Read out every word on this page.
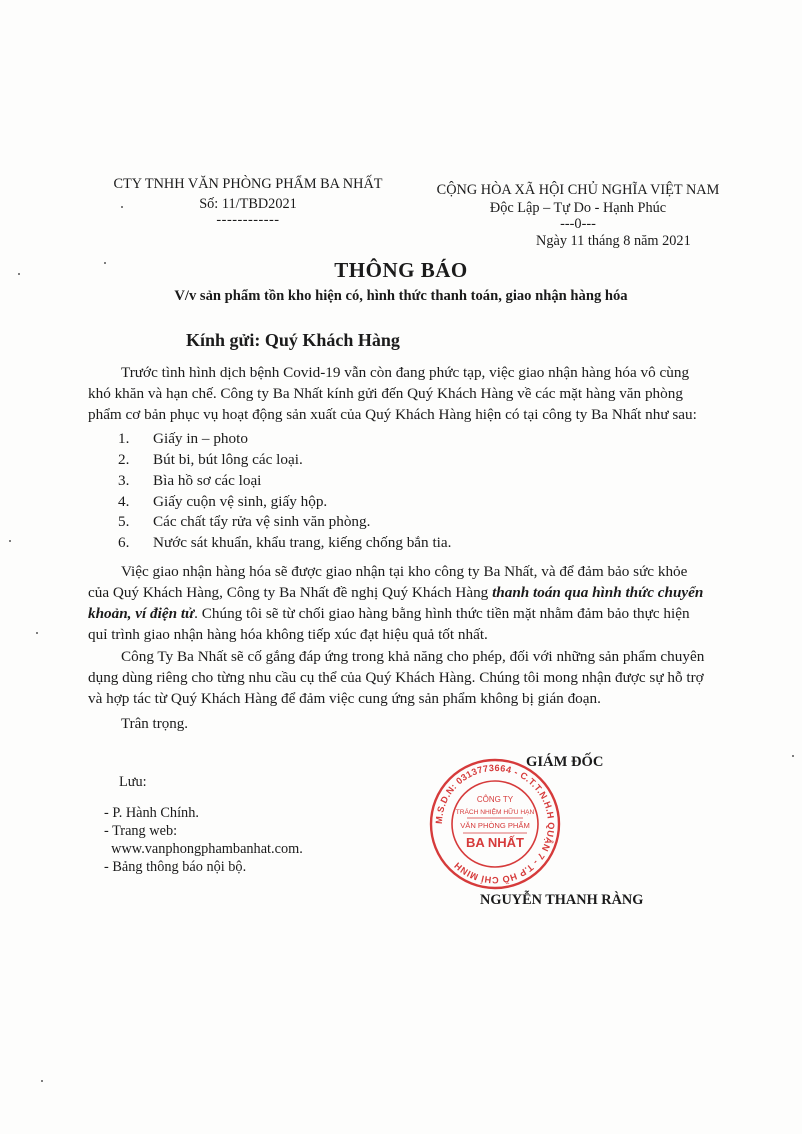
CTY TNHH VĂN PHÒNG PHẨM BA NHẤT
Số: 11/TBD2021
------------
CỘNG HÒA XÃ HỘI CHỦ NGHĨA VIỆT NAM
Độc Lập – Tự Do - Hạnh Phúc
---0---
Ngày 11 tháng 8 năm 2021
THÔNG BÁO
V/v sản phẩm tồn kho hiện có, hình thức thanh toán, giao nhận hàng hóa
Kính gửi: Quý Khách Hàng
Trước tình hình dịch bệnh Covid-19 vẫn còn đang phức tạp, việc giao nhận hàng hóa vô cùng
khó khăn và hạn chế. Công ty Ba Nhất kính gửi đến Quý Khách Hàng về các mặt hàng văn phòng
phẩm cơ bản phục vụ hoạt động sản xuất của Quý Khách Hàng hiện có tại công ty Ba Nhất như sau:
1. Giấy in – photo
2. Bút bi, bút lông các loại.
3. Bìa hồ sơ các loại
4. Giấy cuộn vệ sinh, giấy hộp.
5. Các chất tẩy rửa vệ sinh văn phòng.
6. Nước sát khuẩn, khẩu trang, kiếng chống bắn tia.
Việc giao nhận hàng hóa sẽ được giao nhận tại kho công ty Ba Nhất, và để đảm bảo sức khỏe
của Quý Khách Hàng, Công ty Ba Nhất đề nghị Quý Khách Hàng thanh toán qua hình thức chuyển
khoản, ví điện tử. Chúng tôi sẽ từ chối giao hàng bằng hình thức tiền mặt nhằm đảm bảo thực hiện
quỉ trình giao nhận hàng hóa không tiếp xúc đạt hiệu quả tốt nhất.
Công Ty Ba Nhất sẽ cố gắng đáp ứng trong khả năng cho phép, đối với những sản phẩm chuyên
dụng dùng riêng cho từng nhu cầu cụ thể của Quý Khách Hàng. Chúng tôi mong nhận được sự hỗ trợ
và hợp tác từ Quý Khách Hàng để đảm việc cung ứng sản phẩm không bị gián đoạn.
Trân trọng.
Lưu:
- P. Hành Chính.
- Trang web:
www.vanphongphambanhat.com.
- Bảng thông báo nội bộ.
GIÁM ĐỐC
M.S.D.N: 0313773664 - C.T.T.N.H.H QUẬN 7 - T.P HỒ CHÍ MINH
CÔNG TY
TRÁCH NHIỆM HỮU HẠN
VĂN PHÒNG PHẨM
BA NHẤT
NGUYỄN THANH RÀNG
